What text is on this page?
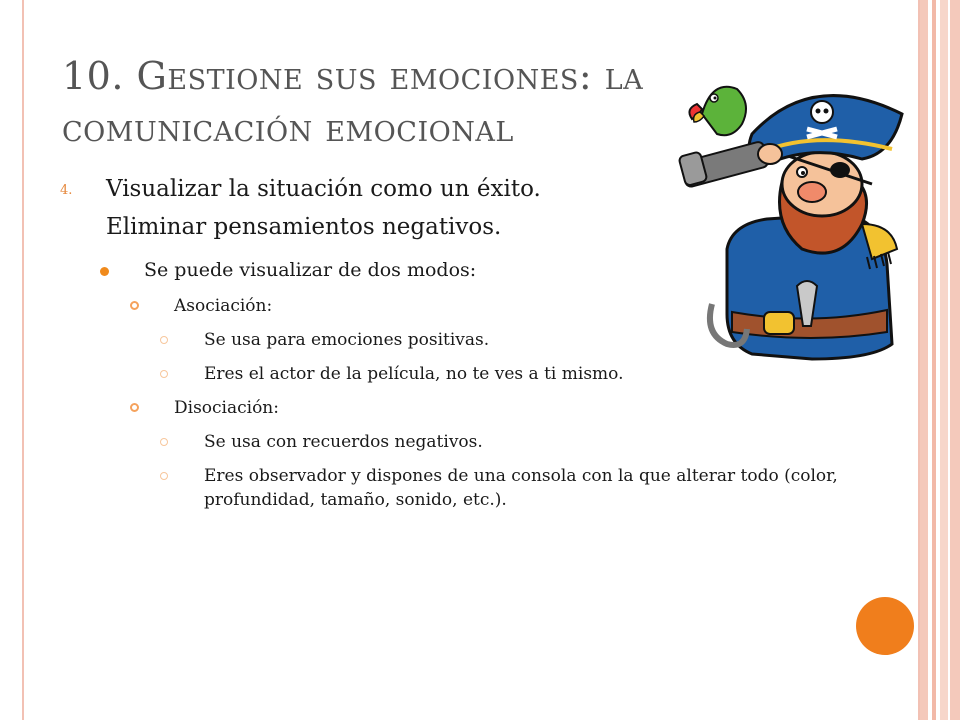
10. Gestione sus emociones: la
comunicación emocional
4. Visualizar la situación como un éxito.
Eliminar pensamientos negativos.
Se puede visualizar de dos modos:
Asociación:
Se usa para emociones positivas.
Eres el actor de la película, no te ves a ti mismo.
Disociación:
Se usa con recuerdos negativos.
Eres observador y dispones de una consola con la que alterar todo (color, profundidad, tamaño, sonido, etc.).
